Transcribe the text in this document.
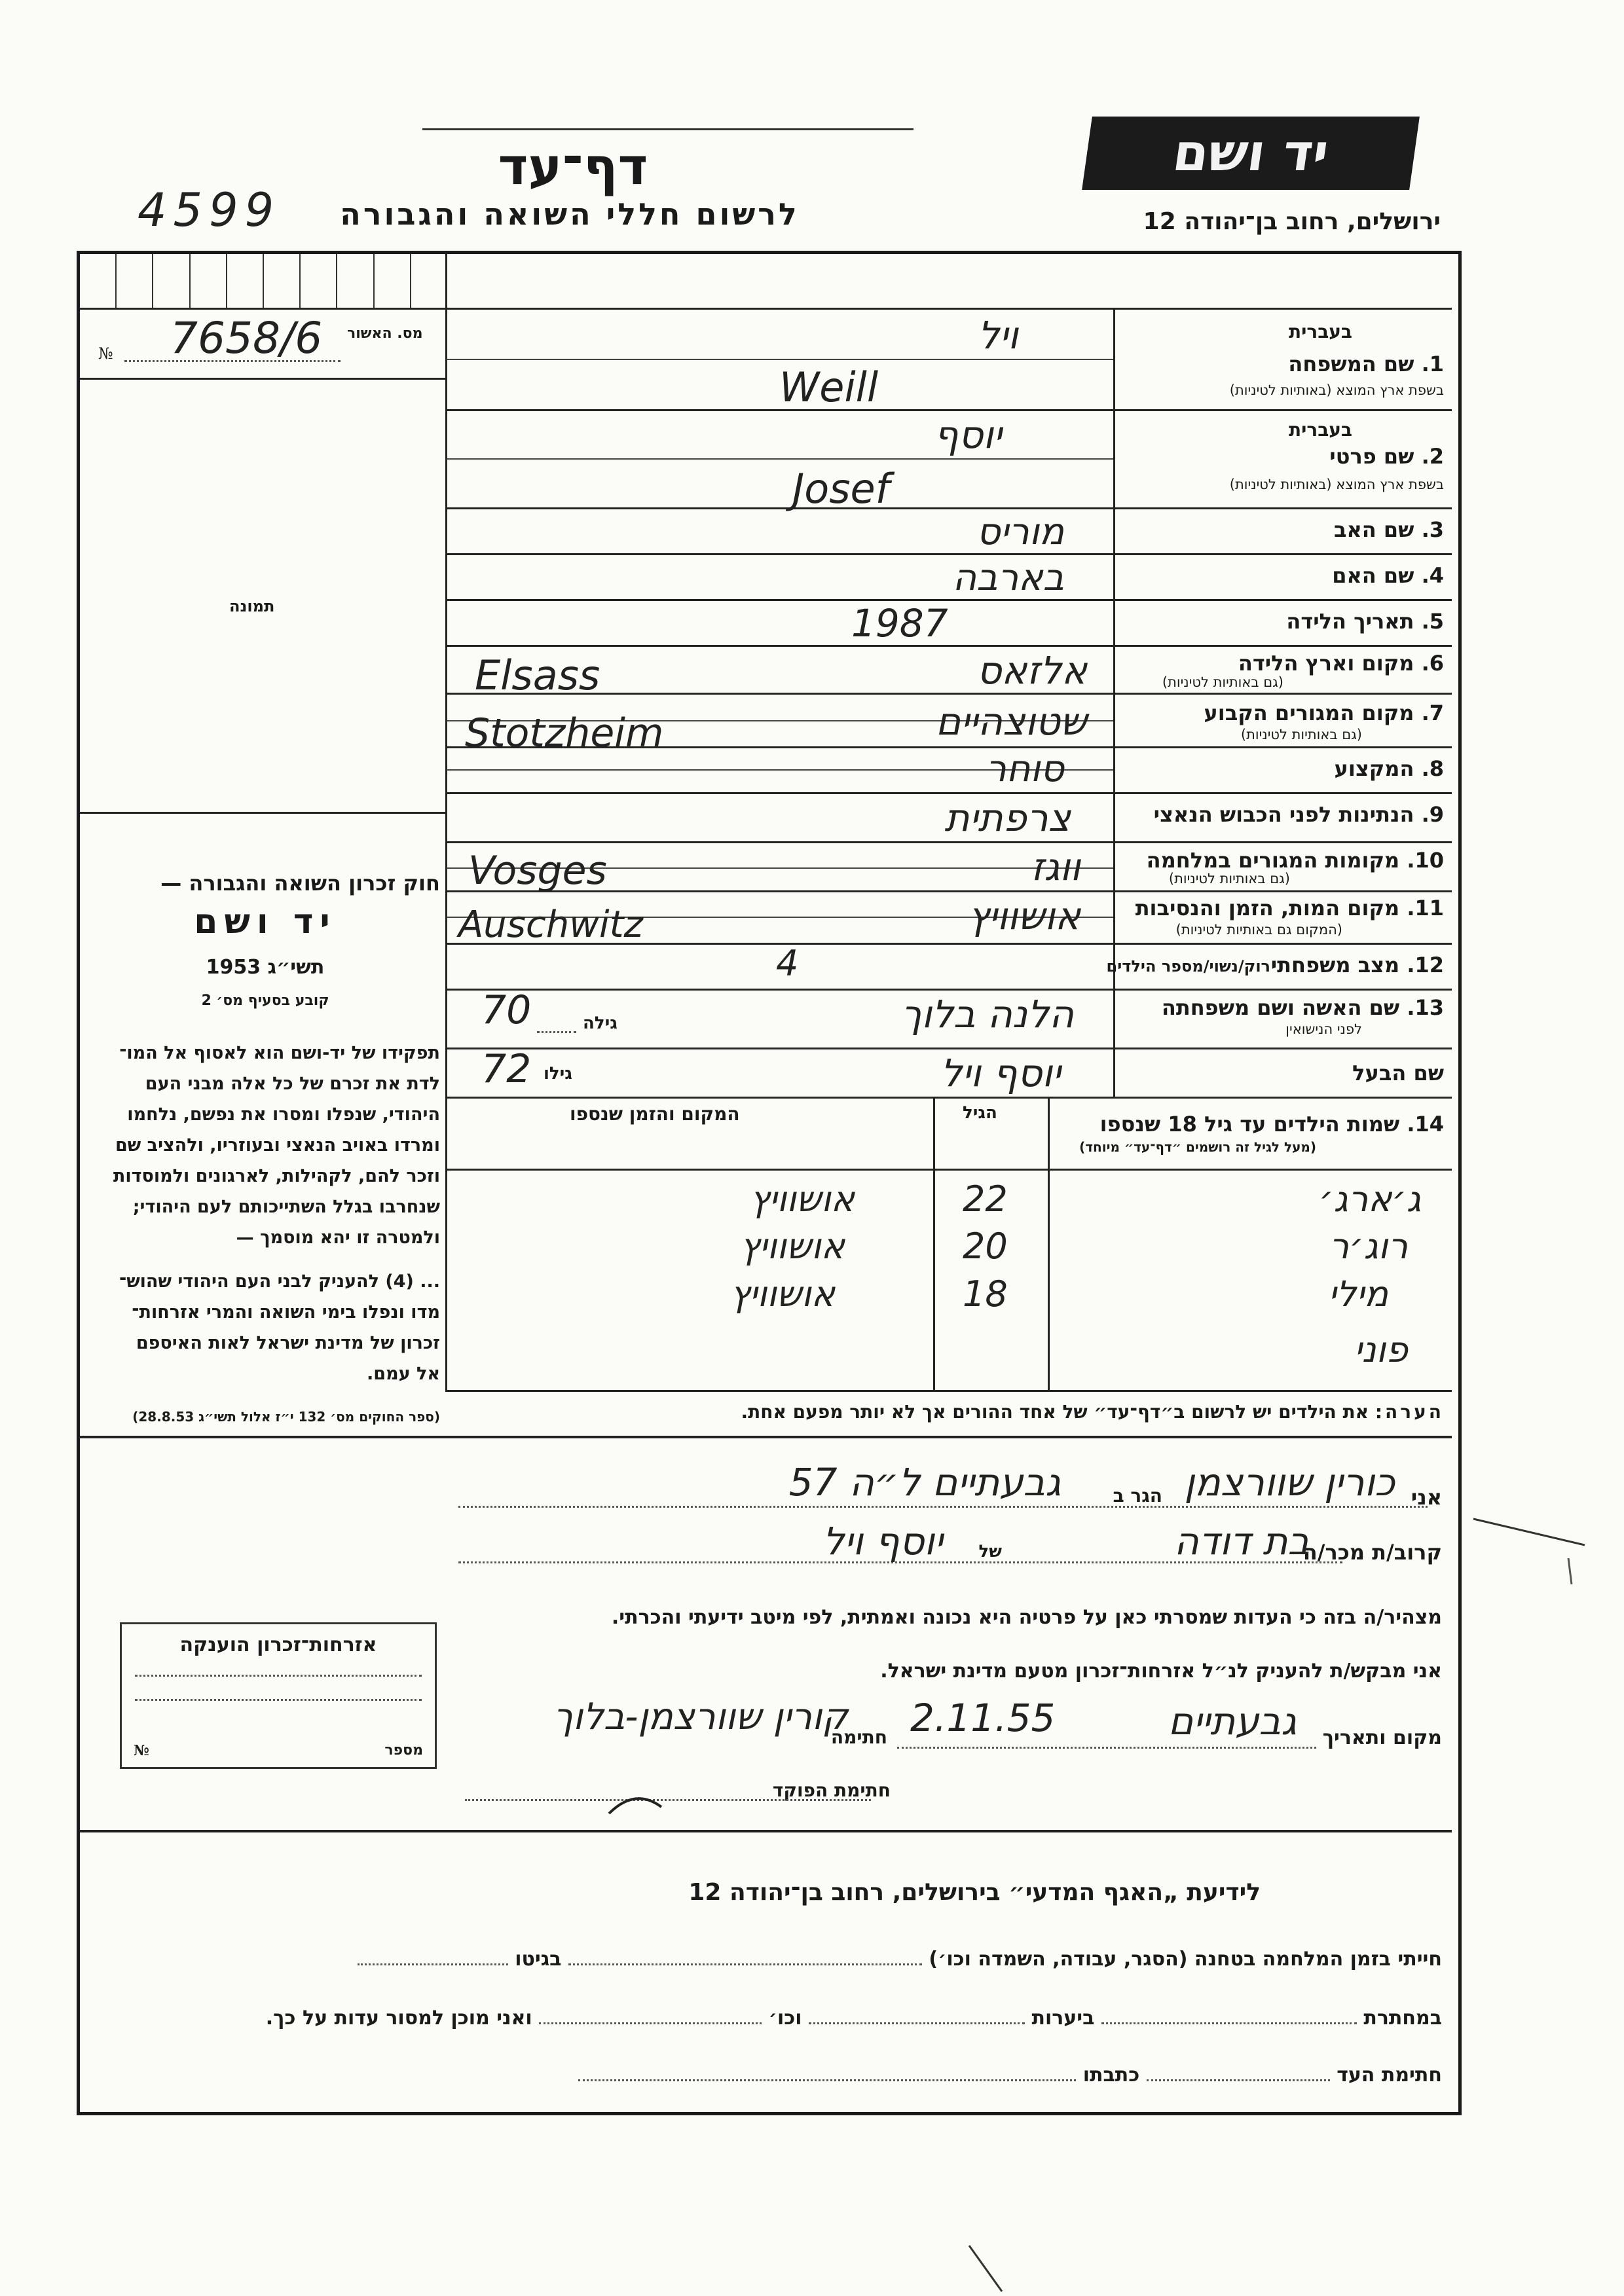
יד ושם
ירושלים, רחוב בן־יהודה 12
דף־עד
לרשום חללי השואה והגבורה
4599
מס. האשור
№ 7658/6
תמונה
חוק זכרון השואה והגבורה —
יד ושם
תשי״ג 1953
קובע בסעיף מס׳ 2
תפקידו של יד-ושם הוא לאסוף אל המו־
לדת את זכרם של כל אלה מבני העם
היהודי, שנפלו ומסרו את נפשם, נלחמו
ומרדו באויב הנאצי ובעוזריו, ולהציב שם
וזכר להם, לקהילות, לארגונים ולמוסדות
שנחרבו בגלל השתייכותם לעם היהודי;
ולמטרה זו יהא מוסמך —
... (4) להעניק לבני העם היהודי שהוש־
מדו ונפלו בימי השואה והמרי אזרחות־
זכרון של מדינת ישראל לאות האיספם
אל עמם.
(ספר החוקים מס׳ 132 י״ז אלול תשי״ג 28.8.53)
בעברית
1. שם המשפחה
בשפת ארץ המוצא (באותיות לטיניות)
ויל
Weill
בעברית
2. שם פרטי
בשפת ארץ המוצא (באותיות לטיניות)
יוסף
Josef
3. שם האב
מוריס
4. שם האם
בארבה
5. תאריך הלידה
1987
6. מקום וארץ הלידה
(גם באותיות לטיניות)
אלזאס
Elsass
7. מקום המגורים הקבוע
(גם באותיות לטיניות)
שטוצהיים
Stotzheim
8. המקצוע
סוחר
9. הנתינות לפני הכבוש הנאצי
צרפתית
10. מקומות המגורים במלחמה
(גם באותיות לטיניות)
ווגז
Vosges
11. מקום המות, הזמן והנסיבות
(המקום גם באותיות לטיניות)
אושוויץ
Auschwitz
12. מצב משפחתי
רוק/נשוי/מספר הילדים
4
13. שם האשה ושם משפחתה
לפני הנישואין
הלנה בלוך
גילה
70
שם הבעל
יוסף ויל
גילו
72
14. שמות הילדים עד גיל 18 שנספו
(מעל לגיל זה רושמים ״דף־עד״ מיוחד)
הגיל
המקום והזמן שנספו
ג׳ארג׳
22
אושוויץ
רוג׳ר
20
אושוויץ
מילי
18
אושוויץ
פוני
הערה: את הילדים יש לרשום ב״דף־עד״ של אחד ההורים אך לא יותר מפעם אחת.
אני
כורין שוורצמן
הגר ב
גבעתיים ל״ה 57
קרוב/ת מכר/ה
בת דודה
של
יוסף ויל
מצהיר/ה בזה כי העדות שמסרתי כאן על פרטיה היא נכונה ואמתית, לפי מיטב ידיעתי והכרתי.
אני מבקש/ת להעניק לנ״ל אזרחות־זכרון מטעם מדינת ישראל.
מקום ותאריך
גבעתיים
2.11.55
חתימה
קורין שוורצמן-בלוך
חתימת הפוקד
אזרחות־זכרון הוענקה
№	מספר
לידיעת „האגף המדעי״ בירושלים, רחוב בן־יהודה 12
חייתי בזמן המלחמה בטחנה (הסגר, עבודה, השמדה וכו׳)  בגיטו
במחתרת  ביערות  וכו׳  ואני מוכן למסור עדות על כך.
חתימת העד  כתבתו
